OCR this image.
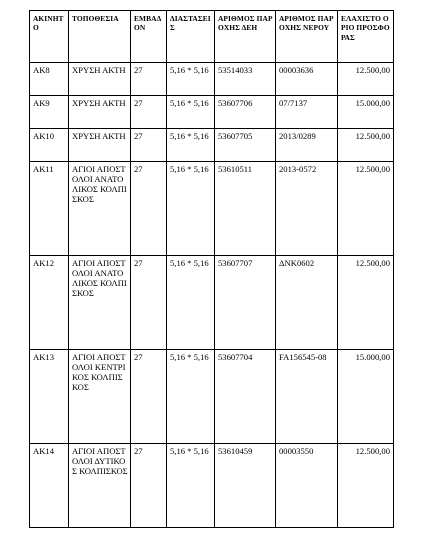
ΑΚΙΝΗΤΟ	ΤΟΠΟΘΕΣΙΑ	ΕΜΒΑΔΟΝ	ΔΙΑΣΤΑΣΕΙΣ	ΑΡΙΘΜΟΣ ΠΑΡΟΧΗΣ ΔΕΗ	ΑΡΙΘΜΟΣ ΠΑΡΟΧΗΣ ΝΕΡΟΥ	ΕΛΑΧΙΣΤΟ ΟΡΙΟ ΠΡΟΣΦΟΡΑΣ
ΑΚ8	ΧΡΥΣΗ ΑΚΤΗ	27	5,16 * 5,16	53514033	00003636	12.500,00
ΑΚ9	ΧΡΥΣΗ ΑΚΤΗ	27	5,16 * 5,16	53607706	07/7137	15.000,00
ΑΚ10	ΧΡΥΣΗ ΑΚΤΗ	27	5,16 * 5,16	53607705	2013/0289	12.500,00
ΑΚ11	ΑΓΙΟΙ ΑΠΟΣΤΟΛΟΙ ΑΝΑΤΟΛΙΚΟΣ ΚΟΛΠΙΣΚΟΣ	27	5,16 * 5,16	53610511	2013-0572	12.500,00
ΑΚ12	ΑΓΙΟΙ ΑΠΟΣΤΟΛΟΙ ΑΝΑΤΟΛΙΚΟΣ ΚΟΛΠΙΣΚΟΣ	27	5,16 * 5,16	53607707	ΔΝΚ0602	12.500,00
ΑΚ13	ΑΓΙΟΙ ΑΠΟΣΤΟΛΟΙ ΚΕΝΤΡΙΚΟΣ ΚΟΛΠΙΣΚΟΣ	27	5,16 * 5,16	53607704	FA156545-08	15.000,00
ΑΚ14	ΑΓΙΟΙ ΑΠΟΣΤΟΛΟΙ ΔΥΤΙΚΟΣ ΚΟΛΠΙΣΚΟΣ	27	5,16 * 5,16	53610459	00003550	12.500,00
